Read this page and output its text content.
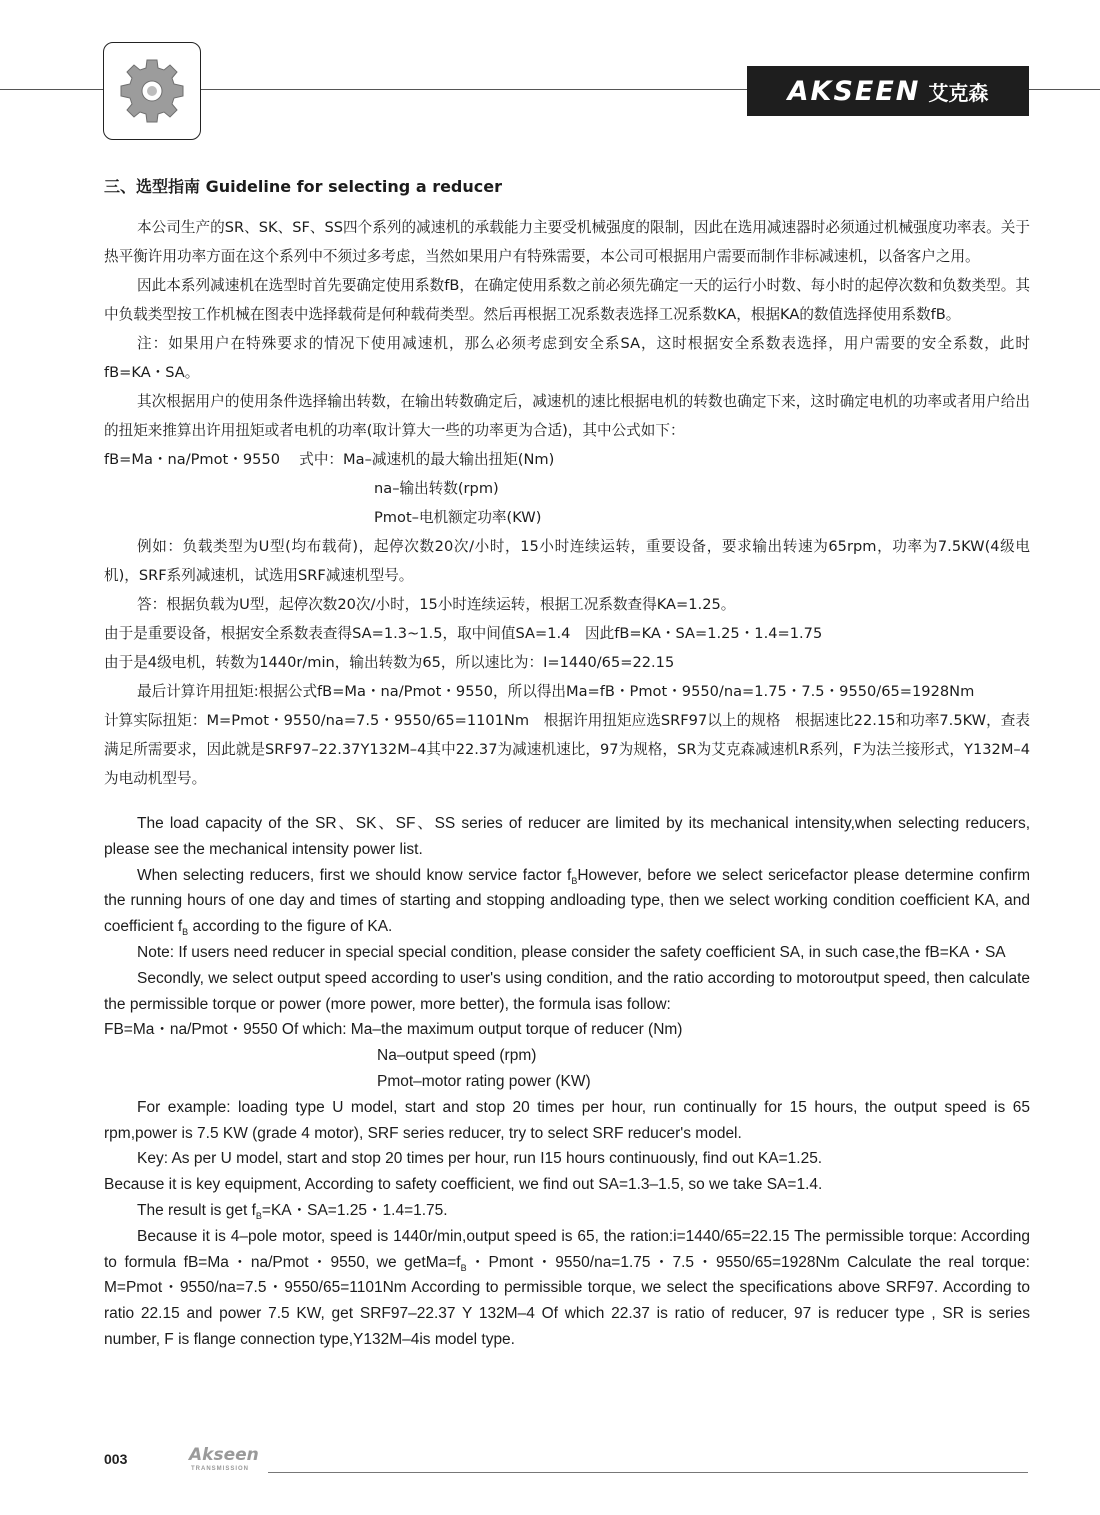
AKSEEN 艾克森
三、选型指南 Guideline for selecting a reducer

本公司生产的SR、SK、SF、SS四个系列的减速机的承载能力主要受机械强度的限制，因此在选用减速器时必须通过机械强度功率表。关于热平衡许用功率方面在这个系列中不须过多考虑，当然如果用户有特殊需要，本公司可根据用户需要而制作非标减速机，以备客户之用。

因此本系列减速机在选型时首先要确定使用系数fB，在确定使用系数之前必须先确定一天的运行小时数、每小时的起停次数和负数类型。其中负载类型按工作机械在图表中选择载荷是何种载荷类型。然后再根据工况系数表选择工况系数KA，根据KA的数值选择使用系数fB。

注：如果用户在特殊要求的情况下使用减速机，那么必须考虑到安全系SA，这时根据安全系数表选择，用户需要的安全系数，此时fB=KA・SA。

其次根据用户的使用条件选择输出转数，在输出转数确定后，减速机的速比根据电机的转数也确定下来，这时确定电机的功率或者用户给出的扭矩来推算出许用扭矩或者电机的功率(取计算大一些的功率更为合适)，其中公式如下：

fB=Ma・na/Pmot・9550　 式中：Ma–减速机的最大输出扭矩(Nm)

na–输出转数(rpm)

Pmot–电机额定功率(KW)

例如：负载类型为U型(均布载荷)，起停次数20次/小时，15小时连续运转，重要设备，要求输出转速为65rpm，功率为7.5KW(4级电机)，SRF系列减速机，试选用SRF减速机型号。

答：根据负载为U型，起停次数20次/小时，15小时连续运转，根据工况系数查得KA=1.25。

由于是重要设备，根据安全系数表查得SA=1.3~1.5，取中间值SA=1.4　因此fB=KA・SA=1.25・1.4=1.75

由于是4级电机，转数为1440r/min，输出转数为65，所以速比为：I=1440/65=22.15

最后计算许用扭矩:根据公式fB=Ma・na/Pmot・9550，所以得出Ma=fB・Pmot・9550/na=1.75・7.5・9550/65=1928Nm

计算实际扭矩：M=Pmot・9550/na=7.5・9550/65=1101Nm　根据许用扭矩应选SRF97以上的规格　根据速比22.15和功率7.5KW，查表满足所需要求，因此就是SRF97–22.37Y132M–4其中22.37为减速机速比，97为规格，SR为艾克森减速机R系列，F为法兰接形式，Y132M–4为电动机型号。

The load capacity of the SR、SK、SF、SS series of reducer are limited by its mechanical intensity,when selecting reducers, please see the mechanical intensity power list.

When selecting reducers, first we should know service factor $f_BHowever$, before we select sericefactor please determine confirm the running hours of one day and times of starting and stopping andloading type, then we select working condition coefficient KA, and coefficient $f_B$ according to the figure of KA.

Note: If users need reducer in special special condition, please consider the safety coefficient SA, in such case,the fB=KA・SA

Secondly, we select output speed according to user's using condition, and the ratio according to motoroutput speed, then calculate the permissible torque or power (more power, more better), the formula isas follow:

FB=Ma・na/Pmot・9550 Of which: Ma–the maximum output torque of reducer (Nm)

Na–output speed (rpm)

Pmot–motor rating power (KW)

For example: loading type U model, start and stop 20 times per hour, run continually for 15 hours, the output speed is 65 rpm,power is 7.5 KW (grade 4 motor), SRF series reducer, try to select SRF reducer's model.

Key: As per U model, start and stop 20 times per hour, run I15 hours continuously, find out KA=1.25.

Because it is key equipment, According to safety coefficient, we find out SA=1.3–1.5, so we take SA=1.4.

The result is get $f_B=KA$・SA=1.25・1.4=1.75.

Because it is 4–pole motor, speed is 1440r/min,output speed is 65, the ration:i=1440/65=22.15 The permissible torque: According to formula fB=Ma・na/Pmot・9550, we $getMa=f_B$・Pmont・9550/na=1.75・7.5・9550/65=1928Nm Calculate the real torque: M=Pmot・9550/na=7.5・9550/65=1101Nm According to permissible torque, we select the specifications above SRF97. According to ratio 22.15 and power 7.5 KW, get SRF97–22.37 Y 132M–4 Of which 22.37 is ratio of reducer, 97 is reducer type , SR is series number, F is flange connection type,Y132M–4is model type.

003	Akseen
TRANSMISSION
